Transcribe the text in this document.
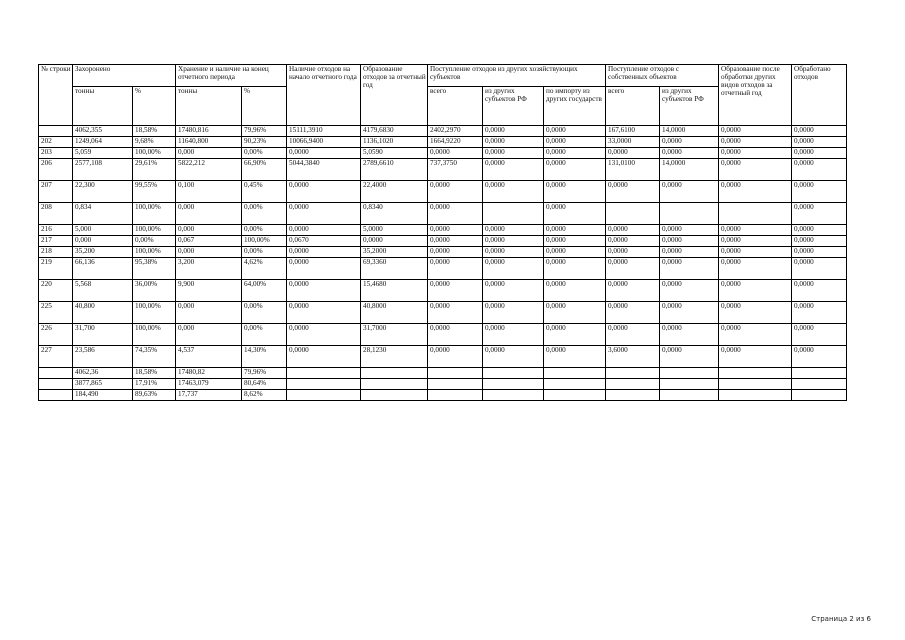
№ строки	Захоронено		Хранение и наличие на конец отчетного периода		Наличие отходов на начало отчетного года	Образование отходов за отчетный год	Поступление отходов из других хозяйствующих субъектов			Поступление отходов с собственных объектов		Образование после обработки других видов отходов за отчетный год	Обработано отходов
	тонны	%	тонны	%			всего	из других субъектов РФ	по импорту из других государств	всего	из других субъектов РФ		
	4062,355	18,58%	17480,816	79,96%	15111,3910	4179,6830	2402,2970	0,0000	0,0000	167,6100	14,0000	0,0000	0,0000
202	1249,064	9,68%	11640,800	90,23%	10066,9400	1136,1020	1664,9220	0,0000	0,0000	33,0000	0,0000	0,0000	0,0000
203	5,059	100,00%	0,000	0,00%	0,0000	5,0590	0,0000	0,0000	0,0000	0,0000	0,0000	0,0000	0,0000
206	2577,108	29,61%	5822,212	66,90%	5044,3840	2789,6610	737,3750	0,0000	0,0000	131,0100	14,0000	0,0000	0,0000
207	22,300	99,55%	0,100	0,45%	0,0000	22,4000	0,0000	0,0000	0,0000	0,0000	0,0000	0,0000	0,0000
208	0,834	100,00%	0,000	0,00%	0,0000	0,8340	0,0000		0,0000				0,0000
216	5,000	100,00%	0,000	0,00%	0,0000	5,0000	0,0000	0,0000	0,0000	0,0000	0,0000	0,0000	0,0000
217	0,000	0,00%	0,067	100,00%	0,0670	0,0000	0,0000	0,0000	0,0000	0,0000	0,0000	0,0000	0,0000
218	35,200	100,00%	0,000	0,00%	0,0000	35,2000	0,0000	0,0000	0,0000	0,0000	0,0000	0,0000	0,0000
219	66,136	95,38%	3,200	4,62%	0,0000	69,3360	0,0000	0,0000	0,0000	0,0000	0,0000	0,0000	0,0000
220	5,568	36,00%	9,900	64,00%	0,0000	15,4680	0,0000	0,0000	0,0000	0,0000	0,0000	0,0000	0,0000
225	40,800	100,00%	0,000	0,00%	0,0000	40,8000	0,0000	0,0000	0,0000	0,0000	0,0000	0,0000	0,0000
226	31,700	100,00%	0,000	0,00%	0,0000	31,7000	0,0000	0,0000	0,0000	0,0000	0,0000	0,0000	0,0000
227	23,586	74,35%	4,537	14,30%	0,0000	28,1230	0,0000	0,0000	0,0000	3,6000	0,0000	0,0000	0,0000
	4062,36	18,58%	17480,82	79,96%									
	3877,865	17,91%	17463,079	80,64%									
	184,490	89,63%	17,737	8,62%									
Страница 2 из 6
